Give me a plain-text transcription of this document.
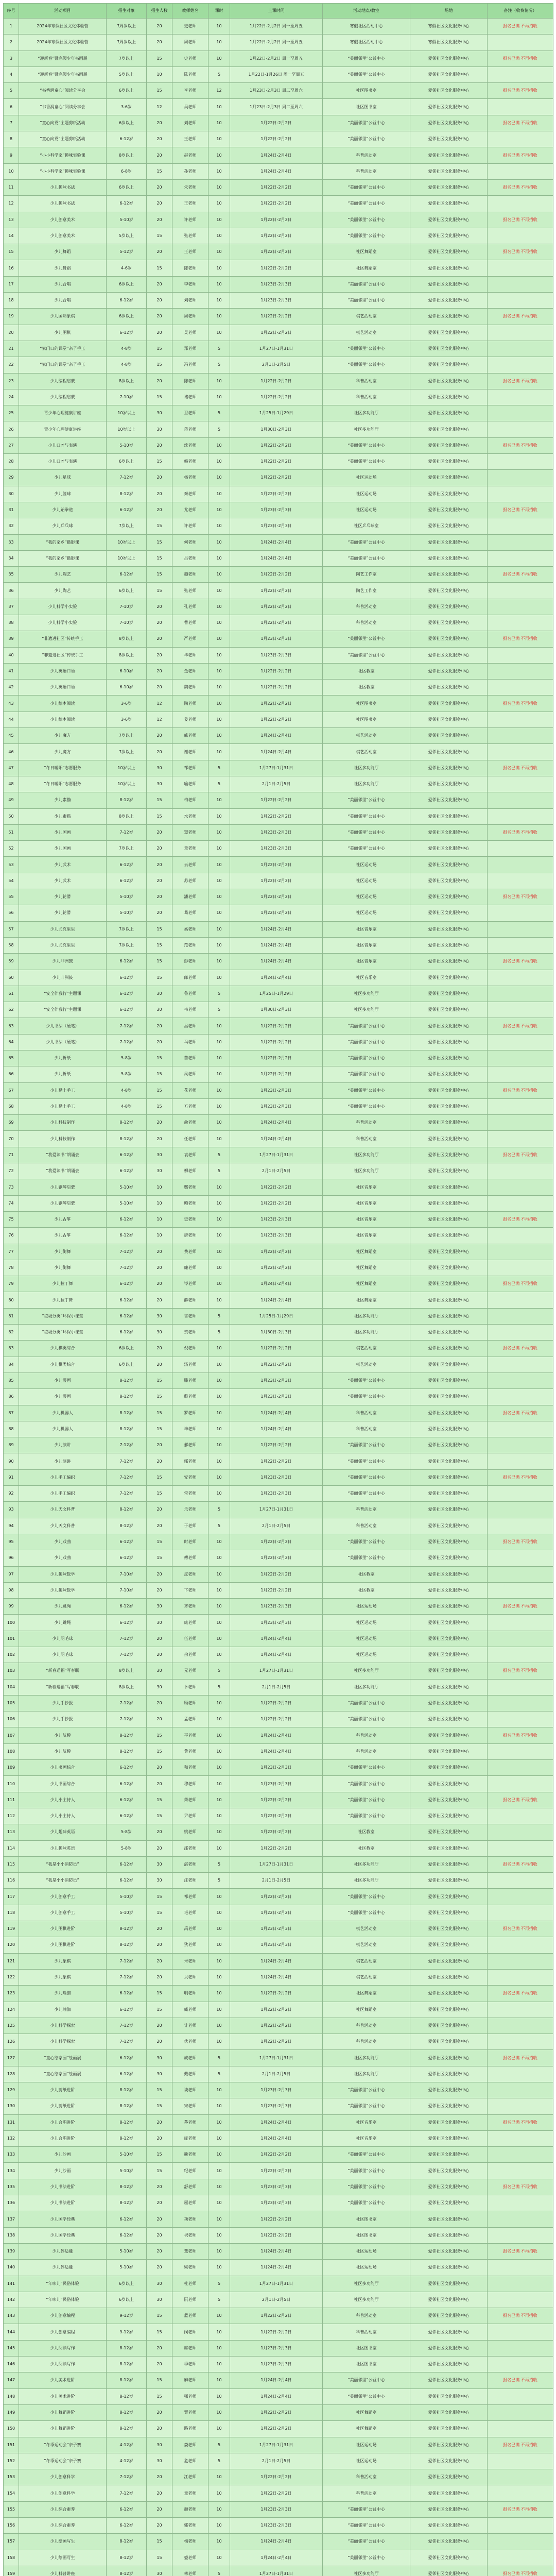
序号	活动项目	招生对象	招生人数	教师姓名	课时	上课时间	活动地点/教室	场地	备注（收费情况）
1	2024年寒假社区文化体验营	7周岁以上	20	史老师	10	1月22日-2月2日 周一至周五	寒假社区活动中心	寒假社区文化服务中心	报名已满 不再招收
2	2024年寒假社区文化体验营	7周岁以上	20	周老师	10	1月22日-2月2日 周一至周五	寒假社区活动中心	寒假社区文化服务中心	
3	“迎新春”暨寒假少年书画展	7岁以上	15	史老师	10	1月22日-2月2日 周一至周五	“美丽邻里”公益中心	爱邻社区文化服务中心	报名已满 不再招收
4	“迎新春”暨寒假少年书画展	5岁以上	10	陈老师	5	1月22日-1月26日 周一至周五	“美丽邻里”公益中心	爱邻社区文化服务中心	
5	“书香润童心”阅读分享会	6岁以上	15	李老师	12	1月23日-2月3日 周二至周六	社区图书室	爱邻社区文化服务中心	报名已满 不再招收
6	“书香润童心”阅读分享会	3-6岁	12	吴老师	10	1月23日-2月3日 周二至周六	社区图书室	爱邻社区文化服务中心	
7	“童心向党”主题剪纸活动	6岁以上	20	刘老师	10	1月22日-2月2日	“美丽邻里”公益中心	爱邻社区文化服务中心	报名已满 不再招收
8	“童心向党”主题剪纸活动	6-12岁	20	王老师	10	1月22日-2月2日	“美丽邻里”公益中心	爱邻社区文化服务中心	
9	“小小科学家”趣味实验课	8岁以上	20	赵老师	10	1月24日-2月4日	科普活动室	爱邻社区文化服务中心	报名已满 不再招收
10	“小小科学家”趣味实验课	6-8岁	15	孙老师	10	1月24日-2月4日	科普活动室	爱邻社区文化服务中心	
11	少儿趣味书法	6岁以上	20	朱老师	10	1月22日-2月2日	“美丽邻里”公益中心	爱邻社区文化服务中心	报名已满 不再招收
12	少儿趣味书法	6-12岁	20	王老师	10	1月22日-2月2日	“美丽邻里”公益中心	爱邻社区文化服务中心	
13	少儿创意美术	5-10岁	20	许老师	10	1月22日-2月2日	“美丽邻里”公益中心	爱邻社区文化服务中心	报名已满 不再招收
14	少儿创意美术	5岁以上	15	张老师	10	1月22日-2月2日	“美丽邻里”公益中心	爱邻社区文化服务中心	
15	少儿舞蹈	5-12岁	20	王老师	10	1月22日-2月2日	社区舞蹈室	爱邻社区文化服务中心	报名已满 不再招收
16	少儿舞蹈	4-6岁	15	陈老师	10	1月22日-2月2日	社区舞蹈室	爱邻社区文化服务中心	
17	少儿合唱	6岁以上	20	李老师	10	1月23日-2月3日	“美丽邻里”公益中心	爱邻社区文化服务中心	
18	少儿合唱	6-12岁	20	刘老师	10	1月23日-2月3日	“美丽邻里”公益中心	爱邻社区文化服务中心	
19	少儿国际象棋	6岁以上	20	周老师	10	1月22日-2月2日	棋艺活动室	爱邻社区文化服务中心	报名已满 不再招收
20	少儿围棋	6-12岁	20	吴老师	10	1月22日-2月2日	棋艺活动室	爱邻社区文化服务中心	
21	“家门口的课堂”亲子手工	4-8岁	15	郑老师	5	1月27日-1月31日	“美丽邻里”公益中心	爱邻社区文化服务中心	
22	“家门口的课堂”亲子手工	4-8岁	15	冯老师	5	2月1日-2月5日	“美丽邻里”公益中心	爱邻社区文化服务中心	
23	少儿编程启蒙	8岁以上	20	陈老师	10	1月22日-2月2日	科普活动室	爱邻社区文化服务中心	报名已满 不再招收
24	少儿编程启蒙	7-10岁	15	褚老师	10	1月22日-2月2日	科普活动室	爱邻社区文化服务中心	
25	青少年心理健康讲座	10岁以上	30	卫老师	5	1月25日-1月29日	社区多功能厅	爱邻社区文化服务中心	
26	青少年心理健康讲座	10岁以上	30	蒋老师	5	1月30日-2月3日	社区多功能厅	爱邻社区文化服务中心	
27	少儿口才与表演	5-10岁	20	沈老师	10	1月22日-2月2日	“美丽邻里”公益中心	爱邻社区文化服务中心	报名已满 不再招收
28	少儿口才与表演	6岁以上	15	韩老师	10	1月22日-2月2日	“美丽邻里”公益中心	爱邻社区文化服务中心	
29	少儿足球	7-12岁	20	杨老师	10	1月22日-2月2日	社区运动场	爱邻社区文化服务中心	
30	少儿篮球	8-12岁	20	秦老师	10	1月22日-2月2日	社区运动场	爱邻社区文化服务中心	
31	少儿跆拳道	6-12岁	20	尤老师	10	1月23日-2月3日	社区运动场	爱邻社区文化服务中心	报名已满 不再招收
32	少儿乒乓球	7岁以上	15	许老师	10	1月23日-2月3日	社区乒乓球室	爱邻社区文化服务中心	
33	“我的家乡”摄影课	10岁以上	15	何老师	10	1月24日-2月4日	“美丽邻里”公益中心	爱邻社区文化服务中心	
34	“我的家乡”摄影课	10岁以上	15	吕老师	10	1月24日-2月4日	“美丽邻里”公益中心	爱邻社区文化服务中心	
35	少儿陶艺	6-12岁	15	施老师	10	1月22日-2月2日	陶艺工作室	爱邻社区文化服务中心	报名已满 不再招收
36	少儿陶艺	6岁以上	15	张老师	10	1月22日-2月2日	陶艺工作室	爱邻社区文化服务中心	
37	少儿科学小实验	7-10岁	20	孔老师	10	1月22日-2月2日	科普活动室	爱邻社区文化服务中心	
38	少儿科学小实验	7-10岁	20	曹老师	10	1月22日-2月2日	科普活动室	爱邻社区文化服务中心	
39	“非遗进社区”传统手工	8岁以上	20	严老师	10	1月23日-2月3日	“美丽邻里”公益中心	爱邻社区文化服务中心	报名已满 不再招收
40	“非遗进社区”传统手工	8岁以上	20	华老师	10	1月23日-2月3日	“美丽邻里”公益中心	爱邻社区文化服务中心	
41	少儿英语口语	6-10岁	20	金老师	10	1月22日-2月2日	社区教室	爱邻社区文化服务中心	
42	少儿英语口语	6-10岁	20	魏老师	10	1月22日-2月2日	社区教室	爱邻社区文化服务中心	
43	少儿绘本阅读	3-6岁	12	陶老师	10	1月22日-2月2日	社区图书室	爱邻社区文化服务中心	报名已满 不再招收
44	少儿绘本阅读	3-6岁	12	姜老师	10	1月22日-2月2日	社区图书室	爱邻社区文化服务中心	
45	少儿魔方	7岁以上	20	戚老师	10	1月24日-2月4日	棋艺活动室	爱邻社区文化服务中心	
46	少儿魔方	7岁以上	20	谢老师	10	1月24日-2月4日	棋艺活动室	爱邻社区文化服务中心	
47	“冬日暖阳”志愿服务	10岁以上	30	邹老师	5	1月27日-1月31日	社区多功能厅	爱邻社区文化服务中心	报名已满 不再招收
48	“冬日暖阳”志愿服务	10岁以上	30	喻老师	5	2月1日-2月5日	社区多功能厅	爱邻社区文化服务中心	
49	少儿素描	8-12岁	15	柏老师	10	1月22日-2月2日	“美丽邻里”公益中心	爱邻社区文化服务中心	
50	少儿素描	8岁以上	15	水老师	10	1月22日-2月2日	“美丽邻里”公益中心	爱邻社区文化服务中心	
51	少儿国画	7-12岁	20	窦老师	10	1月23日-2月3日	“美丽邻里”公益中心	爱邻社区文化服务中心	报名已满 不再招收
52	少儿国画	7岁以上	20	章老师	10	1月23日-2月3日	“美丽邻里”公益中心	爱邻社区文化服务中心	
53	少儿武术	6-12岁	20	云老师	10	1月22日-2月2日	社区运动场	爱邻社区文化服务中心	
54	少儿武术	6-12岁	20	苏老师	10	1月22日-2月2日	社区运动场	爱邻社区文化服务中心	
55	少儿轮滑	5-10岁	20	潘老师	10	1月22日-2月2日	社区运动场	爱邻社区文化服务中心	报名已满 不再招收
56	少儿轮滑	5-10岁	20	葛老师	10	1月22日-2月2日	社区运动场	爱邻社区文化服务中心	
57	少儿尤克里里	7岁以上	15	奚老师	10	1月24日-2月4日	社区音乐室	爱邻社区文化服务中心	
58	少儿尤克里里	7岁以上	15	范老师	10	1月24日-2月4日	社区音乐室	爱邻社区文化服务中心	
59	少儿非洲鼓	6-12岁	15	彭老师	10	1月24日-2月4日	社区音乐室	爱邻社区文化服务中心	报名已满 不再招收
60	少儿非洲鼓	6-12岁	15	郎老师	10	1月24日-2月4日	社区音乐室	爱邻社区文化服务中心	
61	“安全伴我行”主题课	6-12岁	30	鲁老师	5	1月25日-1月29日	社区多功能厅	爱邻社区文化服务中心	
62	“安全伴我行”主题课	6-12岁	30	韦老师	5	1月30日-2月3日	社区多功能厅	爱邻社区文化服务中心	
63	少儿书法（硬笔）	7-12岁	20	昌老师	10	1月22日-2月2日	“美丽邻里”公益中心	爱邻社区文化服务中心	报名已满 不再招收
64	少儿书法（硬笔）	7-12岁	20	马老师	10	1月22日-2月2日	“美丽邻里”公益中心	爱邻社区文化服务中心	
65	少儿折纸	5-8岁	15	苗老师	10	1月22日-2月2日	“美丽邻里”公益中心	爱邻社区文化服务中心	
66	少儿折纸	5-8岁	15	凤老师	10	1月22日-2月2日	“美丽邻里”公益中心	爱邻社区文化服务中心	
67	少儿黏土手工	4-8岁	15	花老师	10	1月23日-2月3日	“美丽邻里”公益中心	爱邻社区文化服务中心	报名已满 不再招收
68	少儿黏土手工	4-8岁	15	方老师	10	1月23日-2月3日	“美丽邻里”公益中心	爱邻社区文化服务中心	
69	少儿科技制作	8-12岁	20	俞老师	10	1月24日-2月4日	科普活动室	爱邻社区文化服务中心	
70	少儿科技制作	8-12岁	20	任老师	10	1月24日-2月4日	科普活动室	爱邻社区文化服务中心	
71	“我爱读书”朗诵会	6-12岁	30	袁老师	5	1月27日-1月31日	社区多功能厅	爱邻社区文化服务中心	报名已满 不再招收
72	“我爱读书”朗诵会	6-12岁	30	柳老师	5	2月1日-2月5日	社区多功能厅	爱邻社区文化服务中心	
73	少儿钢琴启蒙	5-10岁	10	酆老师	10	1月22日-2月2日	社区音乐室	爱邻社区文化服务中心	
74	少儿钢琴启蒙	5-10岁	10	鲍老师	10	1月22日-2月2日	社区音乐室	爱邻社区文化服务中心	
75	少儿古筝	6-12岁	10	史老师	10	1月23日-2月3日	社区音乐室	爱邻社区文化服务中心	报名已满 不再招收
76	少儿古筝	6-12岁	10	唐老师	10	1月23日-2月3日	社区音乐室	爱邻社区文化服务中心	
77	少儿街舞	7-12岁	20	费老师	10	1月22日-2月2日	社区舞蹈室	爱邻社区文化服务中心	
78	少儿街舞	7-12岁	20	廉老师	10	1月22日-2月2日	社区舞蹈室	爱邻社区文化服务中心	
79	少儿拉丁舞	6-12岁	20	岑老师	10	1月24日-2月4日	社区舞蹈室	爱邻社区文化服务中心	报名已满 不再招收
80	少儿拉丁舞	6-12岁	20	薛老师	10	1月24日-2月4日	社区舞蹈室	爱邻社区文化服务中心	
81	“垃圾分类”环保小课堂	6-12岁	30	雷老师	5	1月25日-1月29日	社区多功能厅	爱邻社区文化服务中心	
82	“垃圾分类”环保小课堂	6-12岁	30	贺老师	5	1月30日-2月3日	社区多功能厅	爱邻社区文化服务中心	
83	少儿棋类综合	6岁以上	20	倪老师	10	1月22日-2月2日	棋艺活动室	爱邻社区文化服务中心	报名已满 不再招收
84	少儿棋类综合	6岁以上	20	汤老师	10	1月22日-2月2日	棋艺活动室	爱邻社区文化服务中心	
85	少儿漫画	8-12岁	15	滕老师	10	1月23日-2月3日	“美丽邻里”公益中心	爱邻社区文化服务中心	
86	少儿漫画	8-12岁	15	殷老师	10	1月23日-2月3日	“美丽邻里”公益中心	爱邻社区文化服务中心	
87	少儿机器人	8-12岁	15	罗老师	10	1月24日-2月4日	科普活动室	爱邻社区文化服务中心	报名已满 不再招收
88	少儿机器人	8-12岁	15	毕老师	10	1月24日-2月4日	科普活动室	爱邻社区文化服务中心	
89	少儿演讲	7-12岁	20	郝老师	10	1月22日-2月2日	“美丽邻里”公益中心	爱邻社区文化服务中心	
90	少儿演讲	7-12岁	20	邬老师	10	1月22日-2月2日	“美丽邻里”公益中心	爱邻社区文化服务中心	
91	少儿手工编织	7-12岁	15	安老师	10	1月23日-2月3日	“美丽邻里”公益中心	爱邻社区文化服务中心	报名已满 不再招收
92	少儿手工编织	7-12岁	15	常老师	10	1月23日-2月3日	“美丽邻里”公益中心	爱邻社区文化服务中心	
93	少儿天文科普	8-12岁	20	乐老师	5	1月27日-1月31日	科普活动室	爱邻社区文化服务中心	
94	少儿天文科普	8-12岁	20	于老师	5	2月1日-2月5日	科普活动室	爱邻社区文化服务中心	
95	少儿戏曲	6-12岁	15	时老师	10	1月22日-2月2日	“美丽邻里”公益中心	爱邻社区文化服务中心	报名已满 不再招收
96	少儿戏曲	6-12岁	15	傅老师	10	1月22日-2月2日	“美丽邻里”公益中心	爱邻社区文化服务中心	
97	少儿趣味数学	7-10岁	20	皮老师	10	1月22日-2月2日	社区教室	爱邻社区文化服务中心	
98	少儿趣味数学	7-10岁	20	卞老师	10	1月22日-2月2日	社区教室	爱邻社区文化服务中心	
99	少儿跳绳	6-12岁	30	齐老师	10	1月23日-2月3日	社区运动场	爱邻社区文化服务中心	报名已满 不再招收
100	少儿跳绳	6-12岁	30	康老师	10	1月23日-2月3日	社区运动场	爱邻社区文化服务中心	
101	少儿羽毛球	7-12岁	20	伍老师	10	1月24日-2月4日	社区运动场	爱邻社区文化服务中心	
102	少儿羽毛球	7-12岁	20	余老师	10	1月24日-2月4日	社区运动场	爱邻社区文化服务中心	
103	“新春送福”写春联	8岁以上	30	元老师	5	1月27日-1月31日	社区多功能厅	爱邻社区文化服务中心	报名已满 不再招收
104	“新春送福”写春联	8岁以上	30	卜老师	5	2月1日-2月5日	社区多功能厅	爱邻社区文化服务中心	
105	少儿手抄报	7-12岁	20	顾老师	10	1月22日-2月2日	“美丽邻里”公益中心	爱邻社区文化服务中心	
106	少儿手抄报	7-12岁	20	孟老师	10	1月22日-2月2日	“美丽邻里”公益中心	爱邻社区文化服务中心	
107	少儿航模	8-12岁	15	平老师	10	1月24日-2月4日	科普活动室	爱邻社区文化服务中心	报名已满 不再招收
108	少儿航模	8-12岁	15	黄老师	10	1月24日-2月4日	科普活动室	爱邻社区文化服务中心	
109	少儿书画综合	6-12岁	20	和老师	10	1月23日-2月3日	“美丽邻里”公益中心	爱邻社区文化服务中心	
110	少儿书画综合	6-12岁	20	穆老师	10	1月23日-2月3日	“美丽邻里”公益中心	爱邻社区文化服务中心	
111	少儿小主持人	6-12岁	15	萧老师	10	1月22日-2月2日	“美丽邻里”公益中心	爱邻社区文化服务中心	报名已满 不再招收
112	少儿小主持人	6-12岁	15	尹老师	10	1月22日-2月2日	“美丽邻里”公益中心	爱邻社区文化服务中心	
113	少儿趣味英语	5-8岁	20	姚老师	10	1月22日-2月2日	社区教室	爱邻社区文化服务中心	
114	少儿趣味英语	5-8岁	20	邵老师	10	1月22日-2月2日	社区教室	爱邻社区文化服务中心	
115	“我是小小消防员”	6-12岁	30	湛老师	5	1月27日-1月31日	社区多功能厅	爱邻社区文化服务中心	报名已满 不再招收
116	“我是小小消防员”	6-12岁	30	汪老师	5	2月1日-2月5日	社区多功能厅	爱邻社区文化服务中心	
117	少儿创意手工	5-10岁	15	祁老师	10	1月22日-2月2日	“美丽邻里”公益中心	爱邻社区文化服务中心	
118	少儿创意手工	5-10岁	15	毛老师	10	1月22日-2月2日	“美丽邻里”公益中心	爱邻社区文化服务中心	
119	少儿围棋进阶	8-12岁	20	禹老师	10	1月23日-2月3日	棋艺活动室	爱邻社区文化服务中心	报名已满 不再招收
120	少儿围棋进阶	8-12岁	20	狄老师	10	1月23日-2月3日	棋艺活动室	爱邻社区文化服务中心	
121	少儿象棋	7-12岁	20	米老师	10	1月24日-2月4日	棋艺活动室	爱邻社区文化服务中心	
122	少儿象棋	7-12岁	20	贝老师	10	1月24日-2月4日	棋艺活动室	爱邻社区文化服务中心	
123	少儿瑜伽	6-12岁	15	明老师	10	1月22日-2月2日	社区舞蹈室	爱邻社区文化服务中心	报名已满 不再招收
124	少儿瑜伽	6-12岁	15	臧老师	10	1月22日-2月2日	社区舞蹈室	爱邻社区文化服务中心	
125	少儿科学探索	7-12岁	20	计老师	10	1月22日-2月2日	科普活动室	爱邻社区文化服务中心	
126	少儿科学探索	7-12岁	20	伏老师	10	1月22日-2月2日	科普活动室	爱邻社区文化服务中心	
127	“童心绘家园”绘画展	6-12岁	30	成老师	5	1月27日-1月31日	社区多功能厅	爱邻社区文化服务中心	报名已满 不再招收
128	“童心绘家园”绘画展	6-12岁	30	戴老师	5	2月1日-2月5日	社区多功能厅	爱邻社区文化服务中心	
129	少儿剪纸进阶	8-12岁	15	谈老师	10	1月23日-2月3日	“美丽邻里”公益中心	爱邻社区文化服务中心	
130	少儿剪纸进阶	8-12岁	15	宋老师	10	1月23日-2月3日	“美丽邻里”公益中心	爱邻社区文化服务中心	
131	少儿合唱进阶	8-12岁	20	茅老师	10	1月24日-2月4日	社区音乐室	爱邻社区文化服务中心	报名已满 不再招收
132	少儿合唱进阶	8-12岁	20	庞老师	10	1月24日-2月4日	社区音乐室	爱邻社区文化服务中心	
133	少儿沙画	5-10岁	15	熊老师	10	1月22日-2月2日	“美丽邻里”公益中心	爱邻社区文化服务中心	
134	少儿沙画	5-10岁	15	纪老师	10	1月22日-2月2日	“美丽邻里”公益中心	爱邻社区文化服务中心	
135	少儿书法进阶	8-12岁	20	舒老师	10	1月23日-2月3日	“美丽邻里”公益中心	爱邻社区文化服务中心	报名已满 不再招收
136	少儿书法进阶	8-12岁	20	屈老师	10	1月23日-2月3日	“美丽邻里”公益中心	爱邻社区文化服务中心	
137	少儿国学经典	6-12岁	20	项老师	10	1月22日-2月2日	社区图书室	爱邻社区文化服务中心	
138	少儿国学经典	6-12岁	20	祝老师	10	1月22日-2月2日	社区图书室	爱邻社区文化服务中心	
139	少儿体适能	5-10岁	20	董老师	10	1月24日-2月4日	社区运动场	爱邻社区文化服务中心	报名已满 不再招收
140	少儿体适能	5-10岁	20	梁老师	10	1月24日-2月4日	社区运动场	爱邻社区文化服务中心	
141	“年味儿”民俗体验	6岁以上	30	杜老师	5	1月27日-1月31日	社区多功能厅	爱邻社区文化服务中心	
142	“年味儿”民俗体验	6岁以上	30	阮老师	5	2月1日-2月5日	社区多功能厅	爱邻社区文化服务中心	
143	少儿创意编程	9-12岁	15	蓝老师	10	1月22日-2月2日	科普活动室	爱邻社区文化服务中心	报名已满 不再招收
144	少儿创意编程	9-12岁	15	闵老师	10	1月22日-2月2日	科普活动室	爱邻社区文化服务中心	
145	少儿阅读写作	8-12岁	20	席老师	10	1月23日-2月3日	社区图书室	爱邻社区文化服务中心	
146	少儿阅读写作	8-12岁	20	季老师	10	1月23日-2月3日	社区图书室	爱邻社区文化服务中心	
147	少儿美术进阶	8-12岁	15	麻老师	10	1月24日-2月4日	“美丽邻里”公益中心	爱邻社区文化服务中心	报名已满 不再招收
148	少儿美术进阶	8-12岁	15	强老师	10	1月24日-2月4日	“美丽邻里”公益中心	爱邻社区文化服务中心	
149	少儿舞蹈进阶	8-12岁	20	贾老师	10	1月22日-2月2日	社区舞蹈室	爱邻社区文化服务中心	
150	少儿舞蹈进阶	8-12岁	20	路老师	10	1月22日-2月2日	社区舞蹈室	爱邻社区文化服务中心	
151	“冬季运动会”亲子赛	4-12岁	30	娄老师	5	1月27日-1月31日	社区运动场	爱邻社区文化服务中心	报名已满 不再招收
152	“冬季运动会”亲子赛	4-12岁	30	危老师	5	2月1日-2月5日	社区运动场	爱邻社区文化服务中心	
153	少儿创意科学	7-12岁	20	江老师	10	1月22日-2月2日	科普活动室	爱邻社区文化服务中心	
154	少儿创意科学	7-12岁	20	童老师	10	1月22日-2月2日	科普活动室	爱邻社区文化服务中心	
155	少儿综合素养	6-12岁	20	颜老师	10	1月23日-2月3日	“美丽邻里”公益中心	爱邻社区文化服务中心	报名已满 不再招收
156	少儿综合素养	6-12岁	20	郭老师	10	1月23日-2月3日	“美丽邻里”公益中心	爱邻社区文化服务中心	
157	少儿绘画写生	8-12岁	15	梅老师	10	1月24日-2月4日	“美丽邻里”公益中心	爱邻社区文化服务中心	
158	少儿绘画写生	8-12岁	15	盛老师	10	1月24日-2月4日	“美丽邻里”公益中心	爱邻社区文化服务中心	
159	少儿科普讲座	8-12岁	30	林老师	5	1月27日-1月31日	社区多功能厅	爱邻社区文化服务中心	报名已满 不再招收
